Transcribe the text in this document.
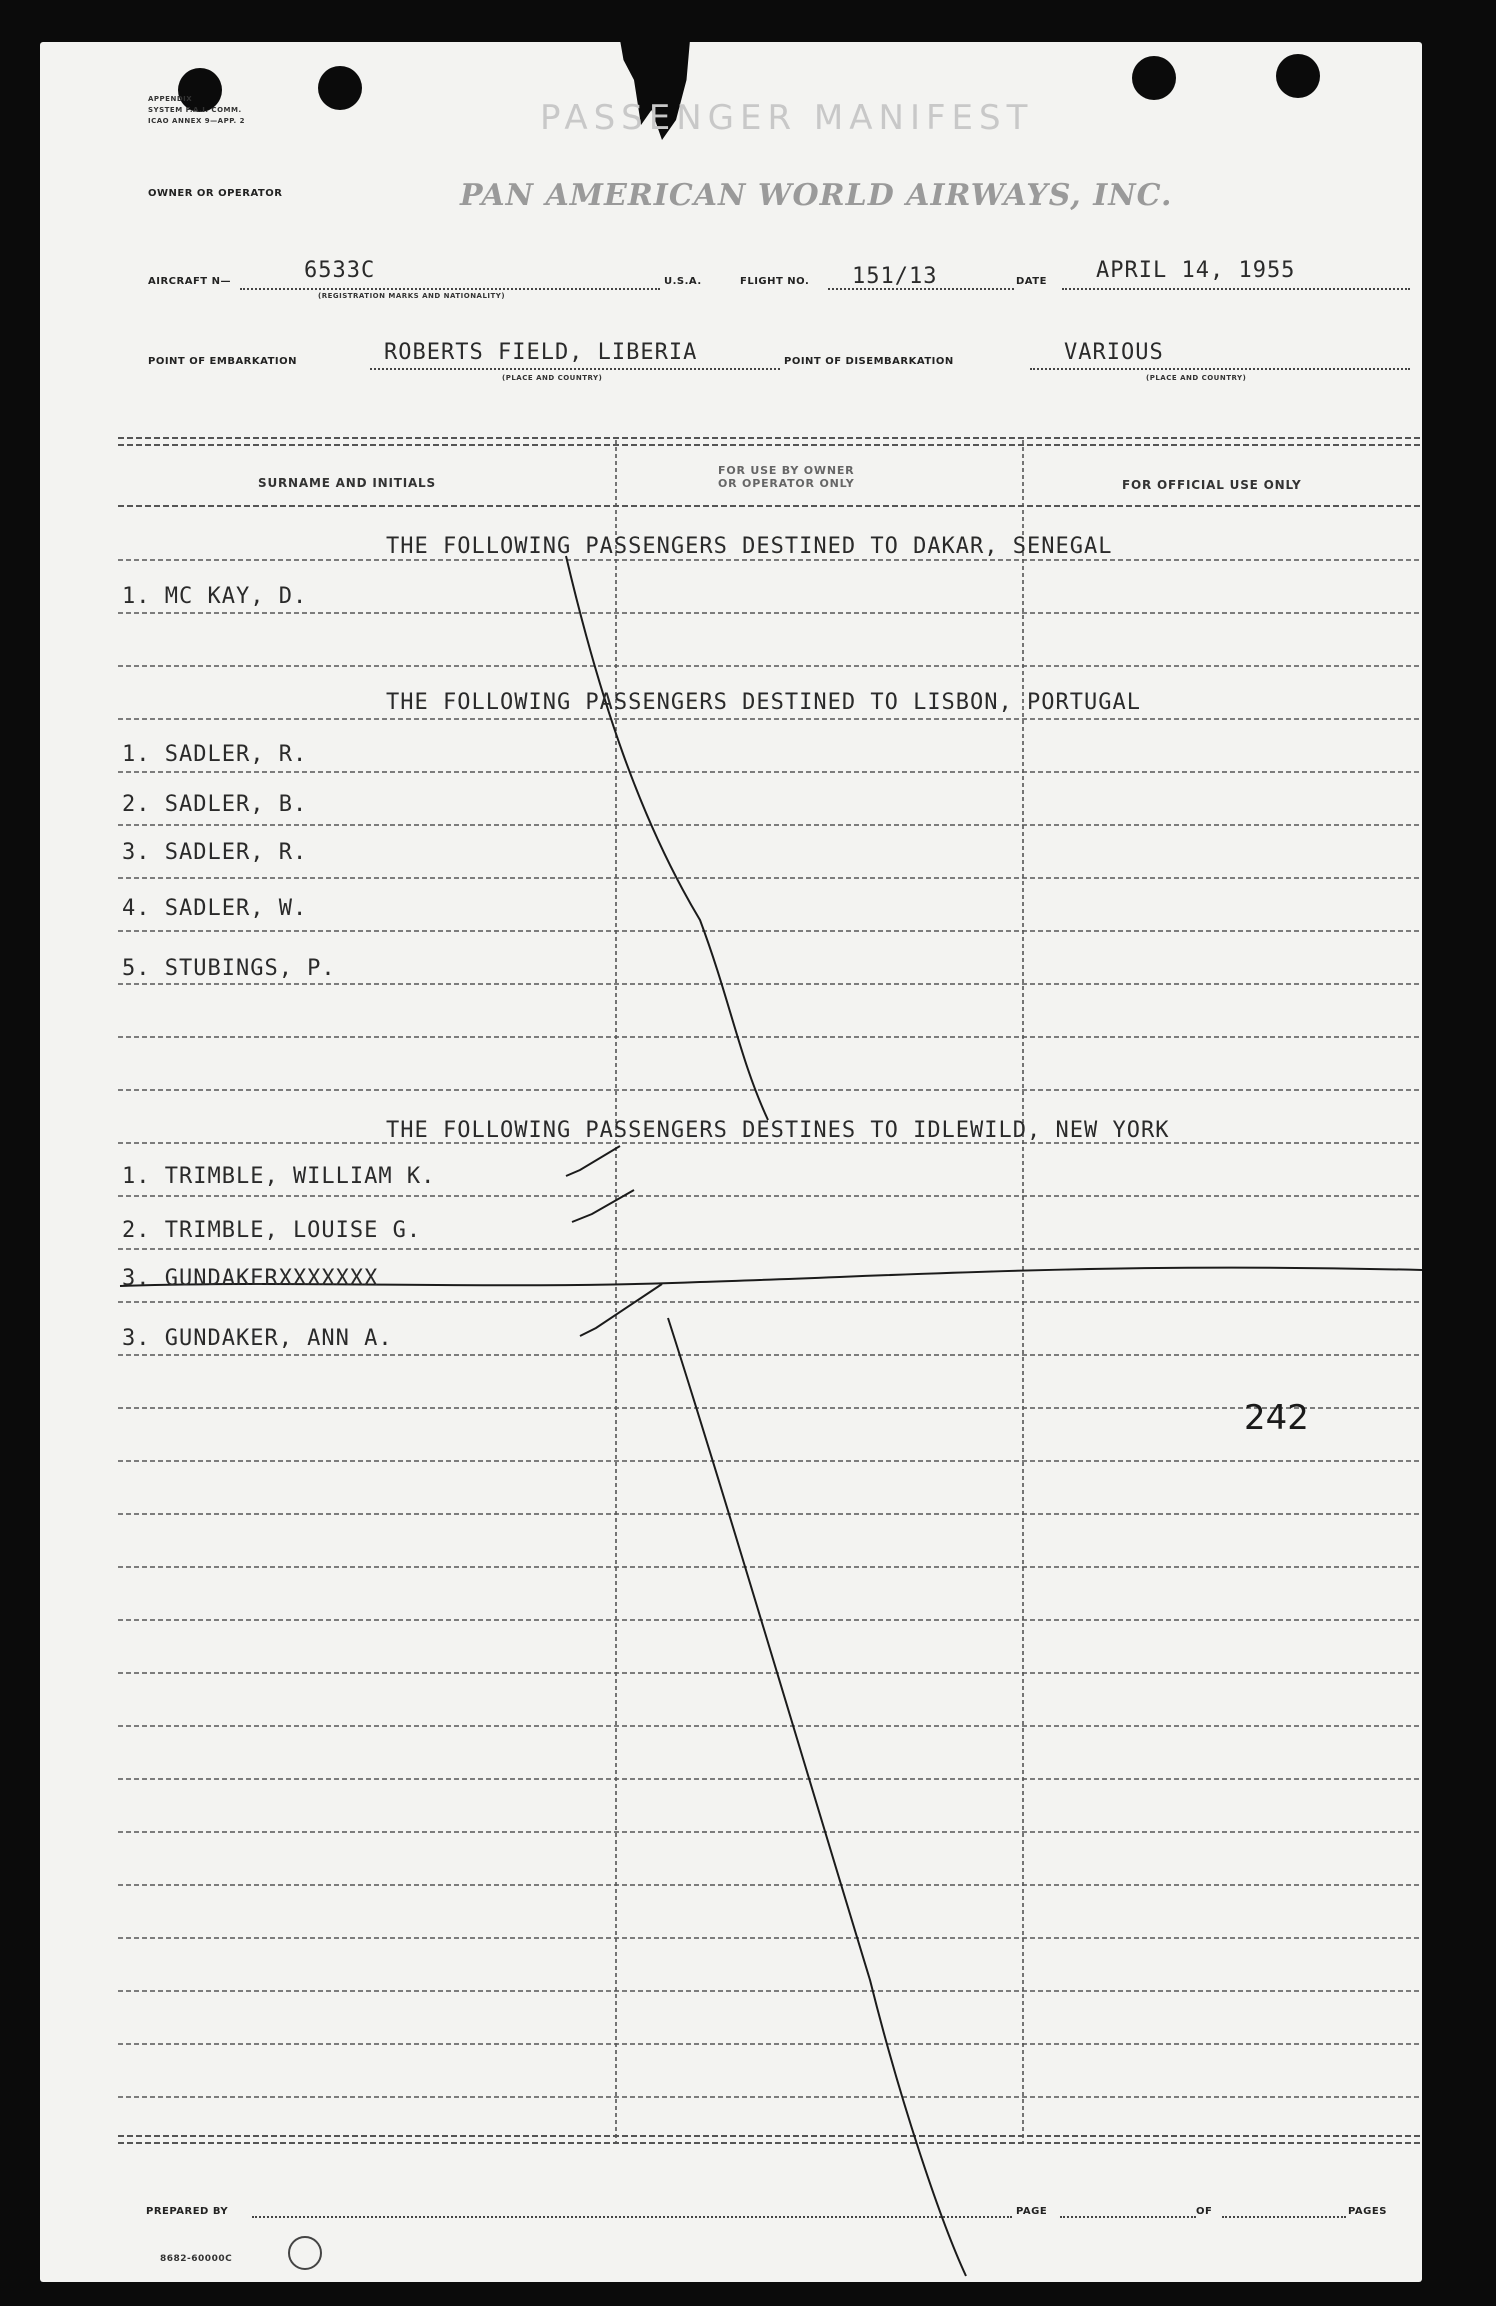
APPENDIX
SYSTEM F.A.I. COMM.
ICAO ANNEX 9—APP. 2	PASSENGER MANIFEST
OWNER OR OPERATOR	PAN AMERICAN WORLD AIRWAYS, INC.
AIRCRAFT N—	6533C
(REGISTRATION MARKS AND NATIONALITY)
U.S.A.	FLIGHT NO. 151/13	DATE APRIL 14, 1955
POINT OF EMBARKATION	ROBERTS FIELD, LIBERIA
(PLACE AND COUNTRY)
POINT OF DISEMBARKATION	VARIOUS
(PLACE AND COUNTRY)
SURNAME AND INITIALS
FOR USE BY OWNER
OR OPERATOR ONLY	FOR OFFICIAL USE ONLY
THE FOLLOWING PASSENGERS DESTINED TO DAKAR, SENEGAL
1. MC KAY, D.
THE FOLLOWING PASSENGERS DESTINED TO LISBON, PORTUGAL
1. SADLER, R.
2. SADLER, B.
3. SADLER, R.
4. SADLER, W.
5. STUBINGS, P.
THE FOLLOWING PASSENGERS DESTINES TO IDLEWILD, NEW YORK
1. TRIMBLE, WILLIAM K.
2. TRIMBLE, LOUISE G.
3. GUNDAKERXXXXXXX
3. GUNDAKER, ANN A.
242
PREPARED BY	PAGE	OF	PAGES
8682-60000C
